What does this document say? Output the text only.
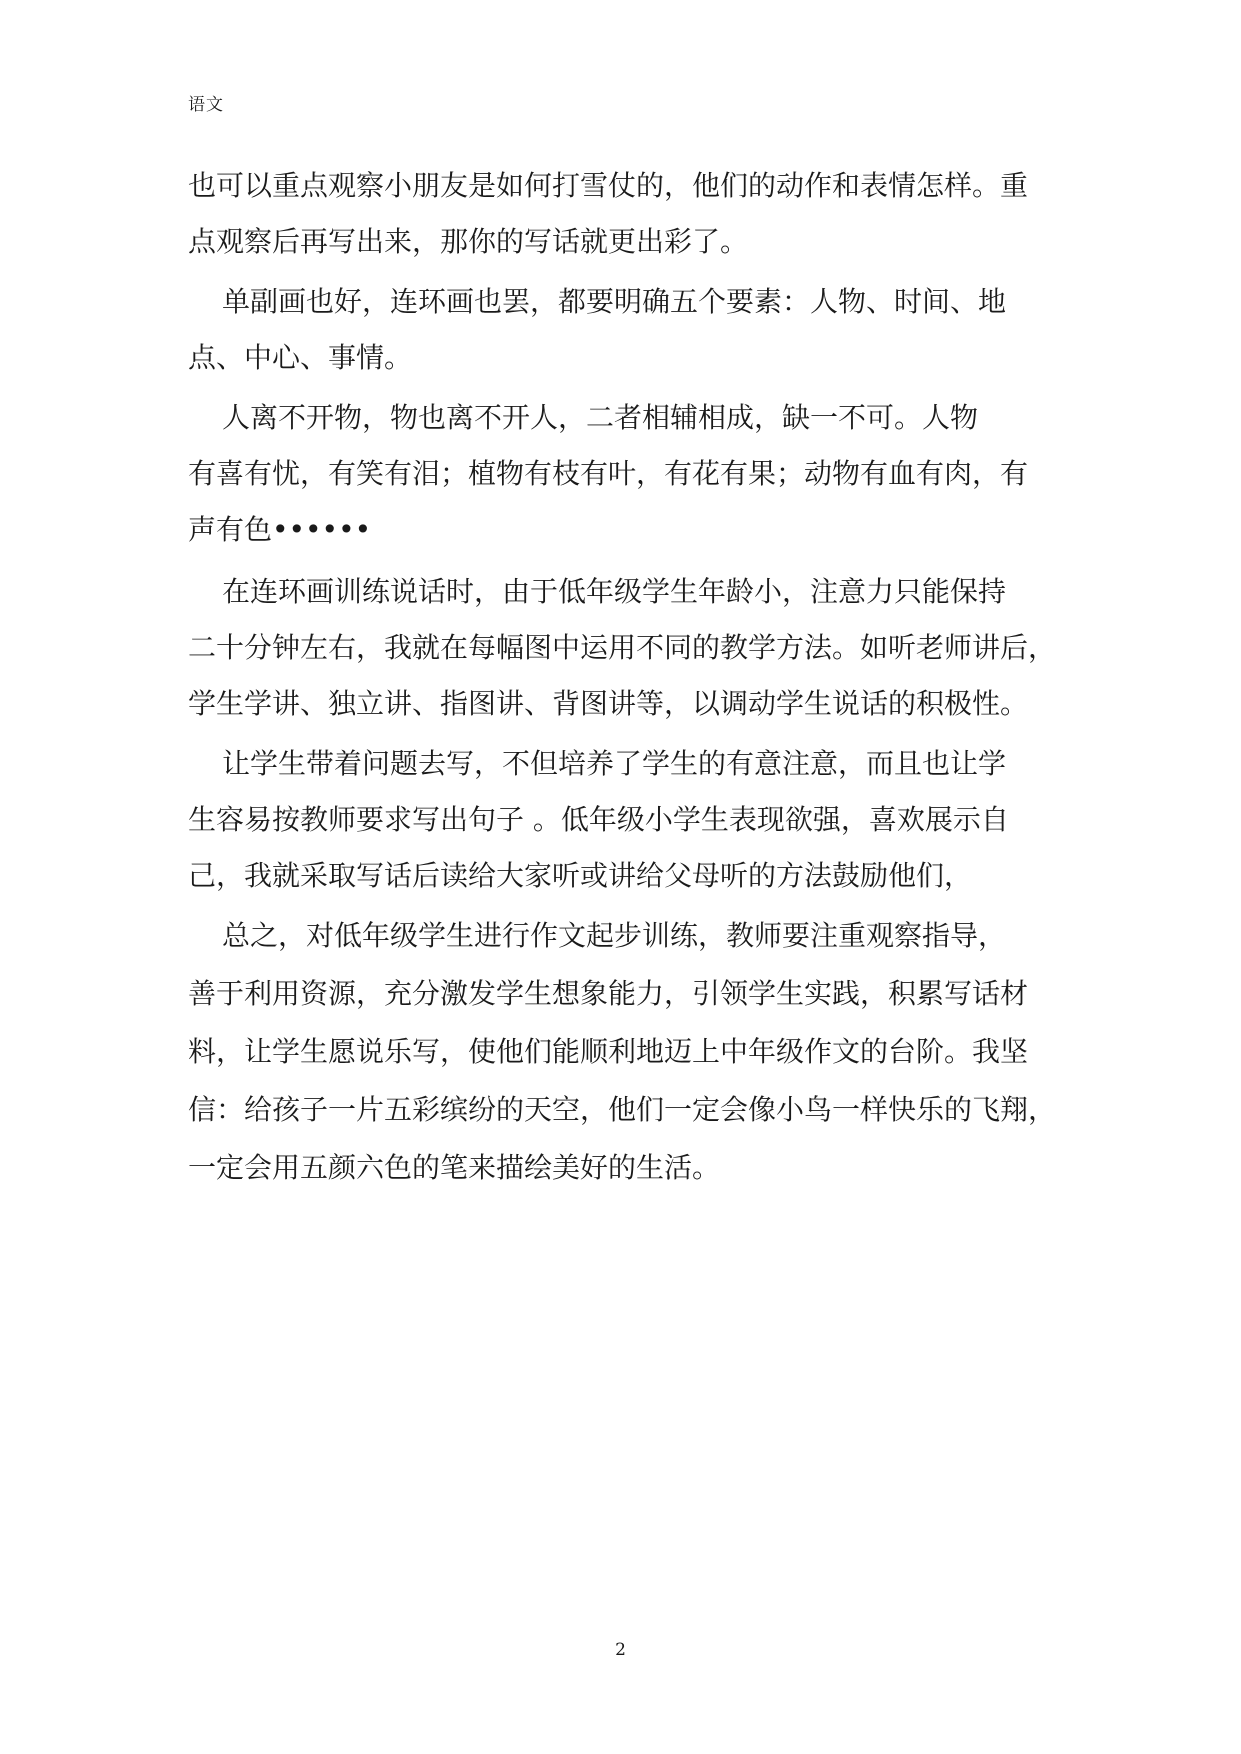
语文
也可以重点观察小朋友是如何打雪仗的，他们的动作和表情怎样。重
点观察后再写出来，那你的写话就更出彩了。
单副画也好，连环画也罢，都要明确五个要素：人物、时间、地
点、中心、事情。
人离不开物，物也离不开人，二者相辅相成，缺一不可。人物
有喜有忧，有笑有泪；植物有枝有叶，有花有果；动物有血有肉，有
声有色••••••
在连环画训练说话时，由于低年级学生年龄小，注意力只能保持
二十分钟左右，我就在每幅图中运用不同的教学方法。如听老师讲后，
学生学讲、独立讲、指图讲、背图讲等，以调动学生说话的积极性。
让学生带着问题去写，不但培养了学生的有意注意，而且也让学
生容易按教师要求写出句子 。低年级小学生表现欲强，喜欢展示自
己，我就采取写话后读给大家听或讲给父母听的方法鼓励他们，
总之，对低年级学生进行作文起步训练，教师要注重观察指导，
善于利用资源，充分激发学生想象能力，引领学生实践，积累写话材
料，让学生愿说乐写，使他们能顺利地迈上中年级作文的台阶。我坚
信：给孩子一片五彩缤纷的天空，他们一定会像小鸟一样快乐的飞翔，
一定会用五颜六色的笔来描绘美好的生活。
2
